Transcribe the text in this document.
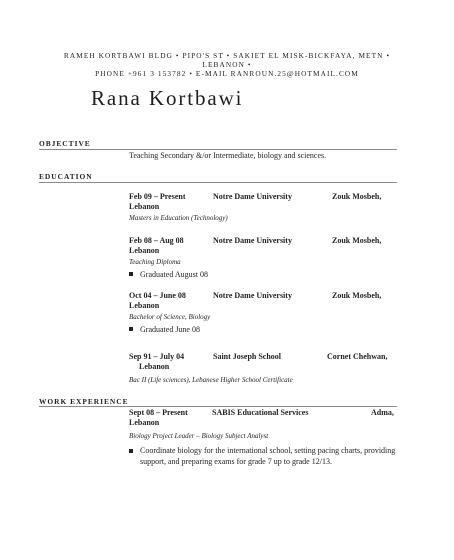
RAMEH KORTBAWI BLDG • PIPO'S ST • SAKIET EL MISK-BICKFAYA, METN •
LEBANON •
PHONE +961 3 153782 • E-MAIL RANROUN.25@HOTMAIL.COM
Rana Kortbawi
OBJECTIVE
Teaching Secondary &/or Intermediate, biology and sciences.
EDUCATION
Feb 09 – Present	Notre Dame University	Zouk Mosbeh,
Lebanon
Masters in Education (Technology)
Feb 08 – Aug 08	Notre Dame University	Zouk Mosbeh,
Lebanon
Teaching Diploma
Graduated August 08
Oct 04 – June 08	Notre Dame University	Zouk Mosbeh,
Lebanon
Bachelor of Science, Biology
Graduated June 08
Sep 91 – July 04	Saint Joseph School	Cornet Chehwan,
Lebanon
Bac II (Life sciences), Lebanese Higher School Certificate
WORK EXPERIENCE
Sept 08 – Present	SABIS Educational Services	Adma,
Lebanon
Biology Project Leader – Biology Subject Analyst
Coordinate biology for the international school, setting pacing charts, providing support, and preparing exams for grade 7 up to grade 12/13.
